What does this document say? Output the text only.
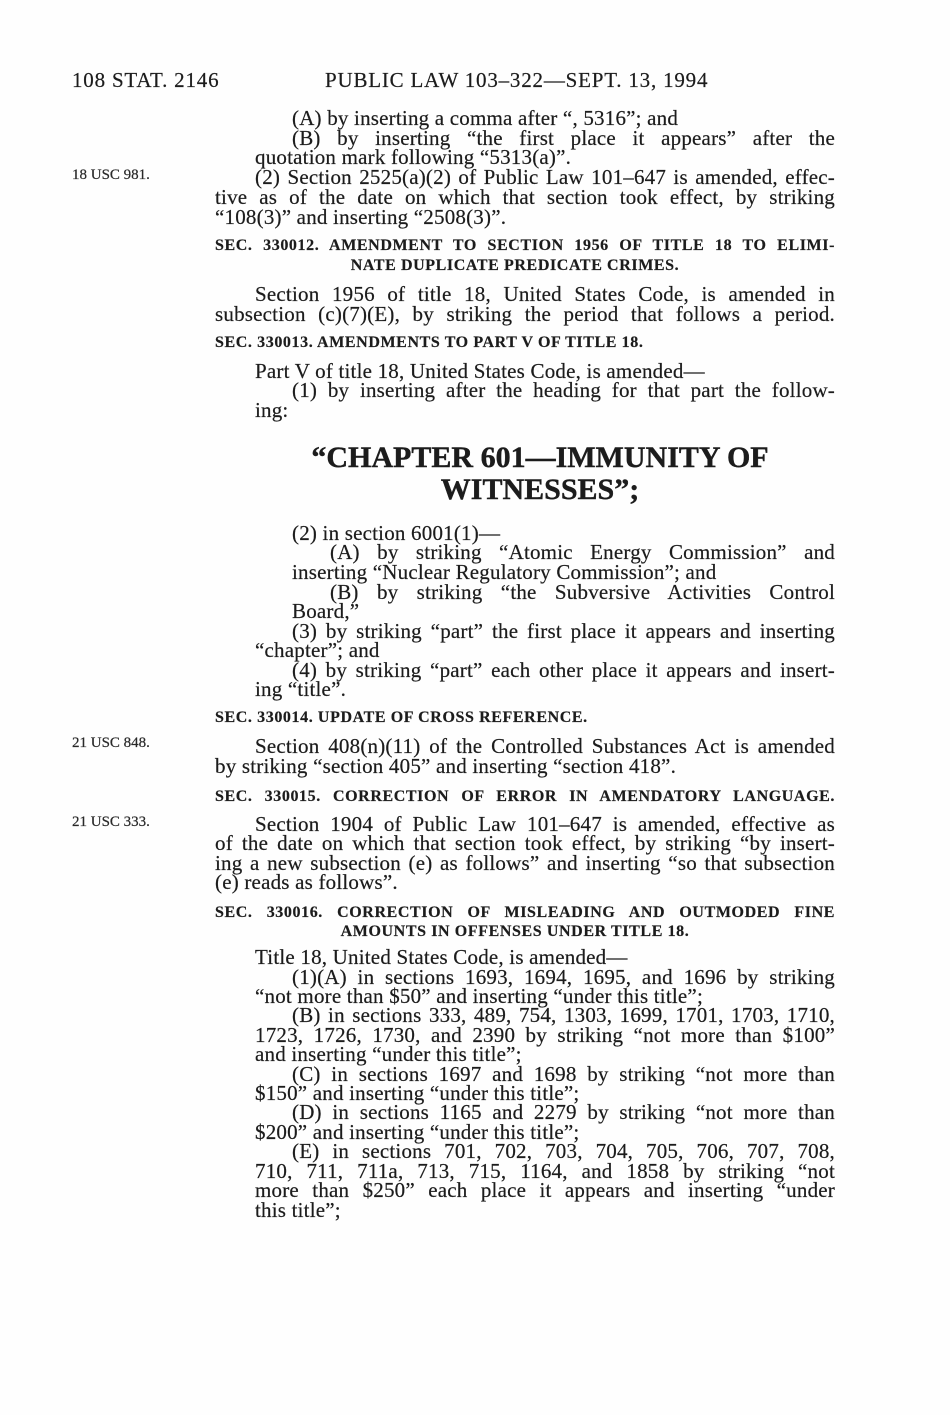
108 STAT. 2146	PUBLIC LAW 103–322—SEPT. 13, 1994
18 USC 981.
21 USC 848.
21 USC 333.
(A) by inserting a comma after “, 5316”; and
(B) by inserting “the first place it appears” after the
quotation mark following “5313(a)”.
(2) Section 2525(a)(2) of Public Law 101–647 is amended, effec-
tive as of the date on which that section took effect, by striking
“108(3)” and inserting “2508(3)”.
SEC. 330012. AMENDMENT TO SECTION 1956 OF TITLE 18 TO ELIMI-
NATE DUPLICATE PREDICATE CRIMES.
Section 1956 of title 18, United States Code, is amended in
subsection (c)(7)(E), by striking the period that follows a period.
SEC. 330013. AMENDMENTS TO PART V OF TITLE 18.
Part V of title 18, United States Code, is amended—
(1) by inserting after the heading for that part the follow-
ing:
“CHAPTER 601—IMMUNITY OF
WITNESSES”;
(2) in section 6001(1)—
(A) by striking “Atomic Energy Commission” and
inserting “Nuclear Regulatory Commission”; and
(B) by striking “the Subversive Activities Control
Board,”
(3) by striking “part” the first place it appears and inserting
“chapter”; and
(4) by striking “part” each other place it appears and insert-
ing “title”.
SEC. 330014. UPDATE OF CROSS REFERENCE.
Section 408(n)(11) of the Controlled Substances Act is amended
by striking “section 405” and inserting “section 418”.
SEC. 330015. CORRECTION OF ERROR IN AMENDATORY LANGUAGE.
Section 1904 of Public Law 101–647 is amended, effective as
of the date on which that section took effect, by striking “by insert-
ing a new subsection (e) as follows” and inserting “so that subsection
(e) reads as follows”.
SEC. 330016. CORRECTION OF MISLEADING AND OUTMODED FINE
AMOUNTS IN OFFENSES UNDER TITLE 18.
Title 18, United States Code, is amended—
(1)(A) in sections 1693, 1694, 1695, and 1696 by striking
“not more than $50” and inserting “under this title”;
(B) in sections 333, 489, 754, 1303, 1699, 1701, 1703, 1710,
1723, 1726, 1730, and 2390 by striking “not more than $100”
and inserting “under this title”;
(C) in sections 1697 and 1698 by striking “not more than
$150” and inserting “under this title”;
(D) in sections 1165 and 2279 by striking “not more than
$200” and inserting “under this title”;
(E) in sections 701, 702, 703, 704, 705, 706, 707, 708,
710, 711, 711a, 713, 715, 1164, and 1858 by striking “not
more than $250” each place it appears and inserting “under
this title”;
